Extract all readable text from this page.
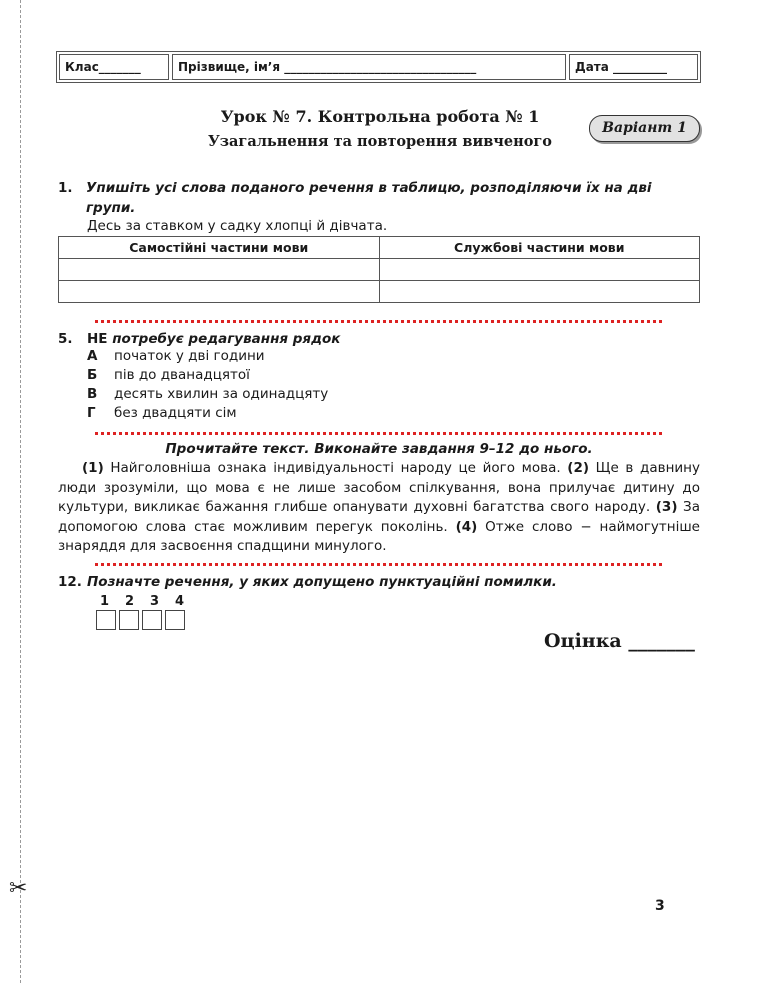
✂
Клас_______	Прізвище, ім’я ________________________________	Дата _________
Урок № 7. Контрольна робота № 1
Узагальнення та повторення вивченого
Варіант 1
1. Упишіть усі слова поданого речення в таблицю, розподіляючи їх на дві групи.
Десь за ставком у садку хлопці й дівчата.
Самостійні частини мови	Службові частини мови

5. НЕ потребує редагування рядок
А початок у дві години
Б пів до дванадцятої
В десять хвилин за одинадцяту
Г без двадцяти сім
Прочитайте текст. Виконайте завдання 9–12 до нього.
(1) Найголовніша ознака індивідуальності народу це його мова. (2) Ще в давнину люди зрозуміли, що мова є не лише засобом спілкування, вона прилучає дитину до культури, викликає бажання глибше опанувати духовні багатства свого народу. (3) За допомогою слова стає можливим перегук поколінь. (4) Отже слово − наймогутніше знаряддя для засвоєння спадщини минулого.
12. Позначте речення, у яких допущено пунктуаційні помилки.
1	2	3	4
Оцінка _______
3
